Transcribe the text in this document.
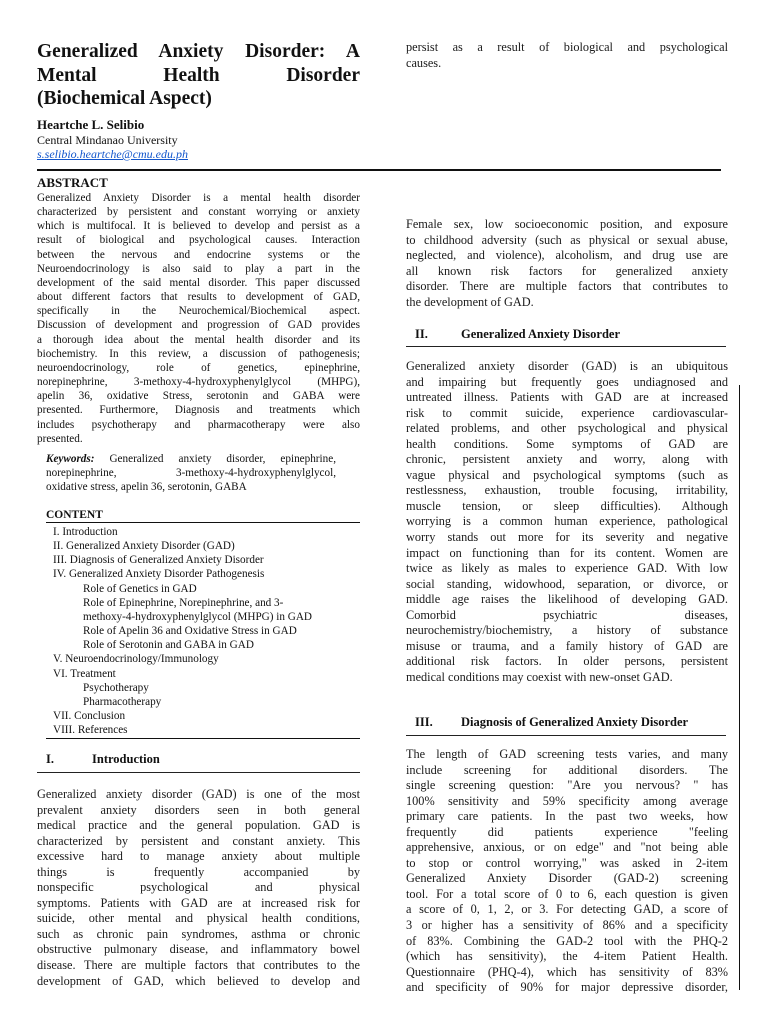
Generalized Anxiety Disorder: A
Mental Health Disorder
(Biochemical Aspect)
Heartche L. Selibio
Central Mindanao University
s.selibio.heartche@cmu.edu.ph
ABSTRACT
Generalized Anxiety Disorder is a mental health disorder
characterized by persistent and constant worrying or anxiety
which is multifocal. It is believed to develop and persist as a
result of biological and psychological causes. Interaction
between the nervous and endocrine systems or the
Neuroendocrinology is also said to play a part in the
development of the said mental disorder. This paper discussed
about different factors that results to development of GAD,
specifically in the Neurochemical/Biochemical aspect.
Discussion of development and progression of GAD provides
a thorough idea about the mental health disorder and its
biochemistry. In this review, a discussion of pathogenesis;
neuroendocrinology, role of genetics, epinephrine,
norepinephrine, 3-methoxy-4-hydroxyphenylglycol (MHPG),
apelin 36, oxidative Stress, serotonin and GABA were
presented. Furthermore, Diagnosis and treatments which
includes psychotherapy and pharmacotherapy were also
presented.
Keywords: Generalized anxiety disorder, epinephrine,
norepinephrine, 3-methoxy-4-hydroxyphenylglycol,
oxidative stress, apelin 36, serotonin, GABA
CONTENT
I. Introduction
II. Generalized Anxiety Disorder (GAD)
III. Diagnosis of Generalized Anxiety Disorder
IV. Generalized Anxiety Disorder Pathogenesis
Role of Genetics in GAD
Role of Epinephrine, Norepinephrine, and 3-
methoxy-4-hydroxyphenylglycol (MHPG) in GAD
Role of Apelin 36 and Oxidative Stress in GAD
Role of Serotonin and GABA in GAD
V. Neuroendocrinology/Immunology
VI. Treatment
Psychotherapy
Pharmacotherapy
VII. Conclusion
VIII. References
I.	Introduction
Generalized anxiety disorder (GAD) is one of the most
prevalent anxiety disorders seen in both general
medical practice and the general population. GAD is
characterized by persistent and constant anxiety. This
excessive hard to manage anxiety about multiple
things is frequently accompanied by
nonspecific psychological and physical
symptoms. Patients with GAD are at increased risk for
suicide, other mental and physical health conditions,
such as chronic pain syndromes, asthma or chronic
obstructive pulmonary disease, and inflammatory bowel
disease. There are multiple factors that contributes to the
development of GAD, which believed to develop and
persist as a result of biological and psychological
causes.
Female sex, low socioeconomic position, and exposure
to childhood adversity (such as physical or sexual abuse,
neglected, and violence), alcoholism, and drug use are
all known risk factors for generalized anxiety
disorder. There are multiple factors that contributes to
the development of GAD.
II.	Generalized Anxiety Disorder
Generalized anxiety disorder (GAD) is an ubiquitous
and impairing but frequently goes undiagnosed and
untreated illness. Patients with GAD are at increased
risk to commit suicide, experience cardiovascular-
related problems, and other psychological and physical
health conditions. Some symptoms of GAD are
chronic, persistent anxiety and worry, along with
vague physical and psychological symptoms (such as
restlessness, exhaustion, trouble focusing, irritability,
muscle tension, or sleep difficulties). Although
worrying is a common human experience, pathological
worry stands out more for its severity and negative
impact on functioning than for its content. Women are
twice as likely as males to experience GAD. With low
social standing, widowhood, separation, or divorce, or
middle age raises the likelihood of developing GAD.
Comorbid psychiatric diseases,
neurochemistry/biochemistry, a history of substance
misuse or trauma, and a family history of GAD are
additional risk factors. In older persons, persistent
medical conditions may coexist with new-onset GAD.
III. Diagnosis of Generalized Anxiety Disorder
The length of GAD screening tests varies, and many
include screening for additional disorders. The
single screening question: "Are you nervous? " has
100% sensitivity and 59% specificity among average
primary care patients. In the past two weeks, how
frequently did patients experience "feeling
apprehensive, anxious, or on edge" and "not being able
to stop or control worrying," was asked in 2-item
Generalized Anxiety Disorder (GAD-2) screening
tool. For a total score of 0 to 6, each question is given
a score of 0, 1, 2, or 3. For detecting GAD, a score of
3 or higher has a sensitivity of 86% and a specificity
of 83%. Combining the GAD-2 tool with the PHQ-2
(which has sensitivity), the 4-item Patient Health.
Questionnaire (PHQ-4), which has sensitivity of 83%
and specificity of 90% for major depressive disorder,
